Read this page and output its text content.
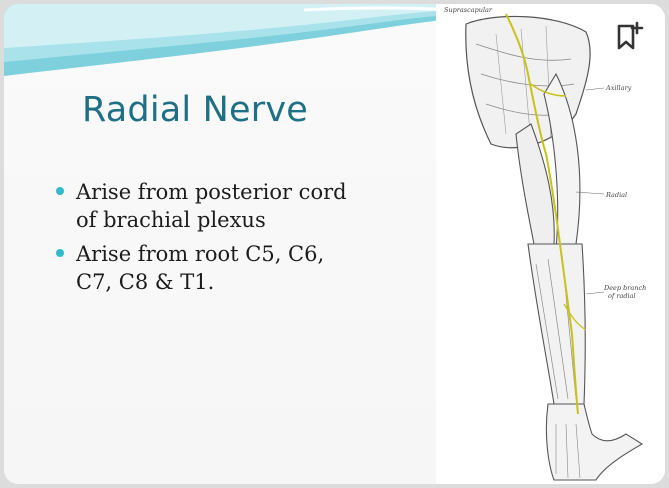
Radial Nerve
Arise from posterior cord
of brachial plexus
Arise from root C5, C6,
C7, C8 & T1.
Suprascapular
Axillary
Radial
Deep branch
of radial
